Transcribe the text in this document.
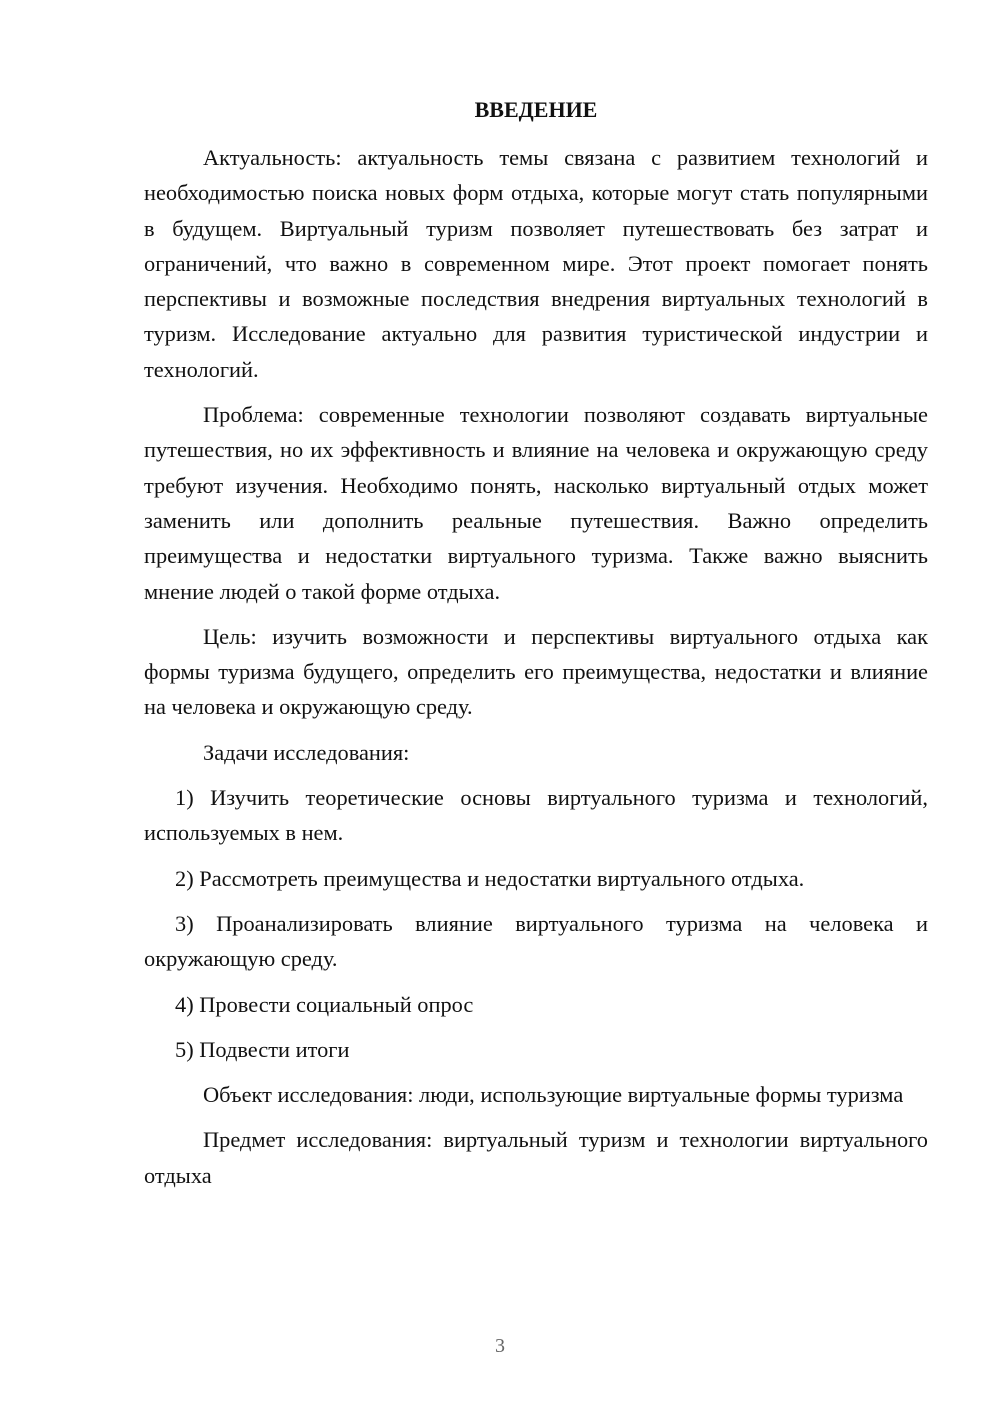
ВВЕДЕНИЕ

Актуальность: актуальность темы связана с развитием технологий и необходимостью поиска новых форм отдыха, которые могут стать популярными в будущем. Виртуальный туризм позволяет путешествовать без затрат и ограничений, что важно в современном мире. Этот проект помогает понять перспективы и возможные последствия внедрения виртуальных технологий в туризм. Исследование актуально для развития туристической индустрии и технологий.

Проблема: современные технологии позволяют создавать виртуальные путешествия, но их эффективность и влияние на человека и окружающую среду требуют изучения. Необходимо понять, насколько виртуальный отдых может заменить или дополнить реальные путешествия. Важно определить преимущества и недостатки виртуального туризма. Также важно выяснить мнение людей о такой форме отдыха.

Цель: изучить возможности и перспективы виртуального отдыха как формы туризма будущего, определить его преимущества, недостатки и влияние на человека и окружающую среду.

Задачи исследования:

1) Изучить теоретические основы виртуального туризма и технологий, используемых в нем.

2) Рассмотреть преимущества и недостатки виртуального отдыха.

3) Проанализировать влияние виртуального туризма на человека и окружающую среду.

4) Провести социальный опрос

5) Подвести итоги

Объект исследования: люди, использующие виртуальные формы туризма

Предмет исследования: виртуальный туризм и технологии виртуального отдыха

3
